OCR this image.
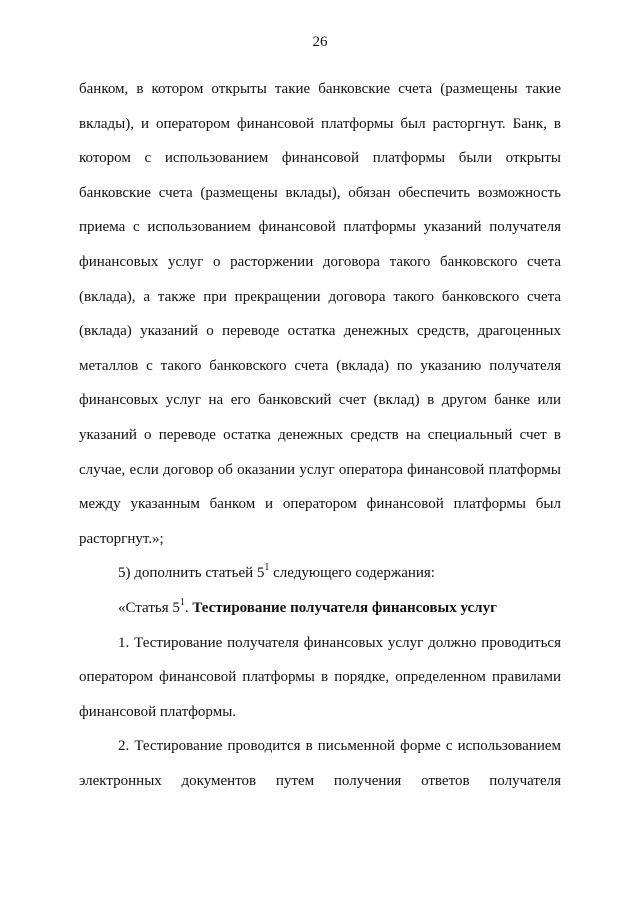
26

банком, в котором открыты такие банковские счета (размещены такие вклады), и оператором финансовой платформы был расторгнут. Банк, в котором с использованием финансовой платформы были открыты банковские счета (размещены вклады), обязан обеспечить возможность приема с использованием финансовой платформы указаний получателя финансовых услуг о расторжении договора такого банковского счета (вклада), а также при прекращении договора такого банковского счета (вклада) указаний о переводе остатка денежных средств, драгоценных металлов с такого банковского счета (вклада) по указанию получателя финансовых услуг на его банковский счет (вклад) в другом банке или указаний о переводе остатка денежных средств на специальный счет в случае, если договор об оказании услуг оператора финансовой платформы между указанным банком и оператором финансовой платформы был расторгнут.»;

5) дополнить статьей $5^1$ следующего содержания:

«Статья $5^1$. Тестирование получателя финансовых услуг

1. Тестирование получателя финансовых услуг должно проводиться оператором финансовой платформы в порядке, определенном правилами финансовой платформы.

2. Тестирование проводится в письменной форме с использованием электронных документов путем получения ответов получателя
